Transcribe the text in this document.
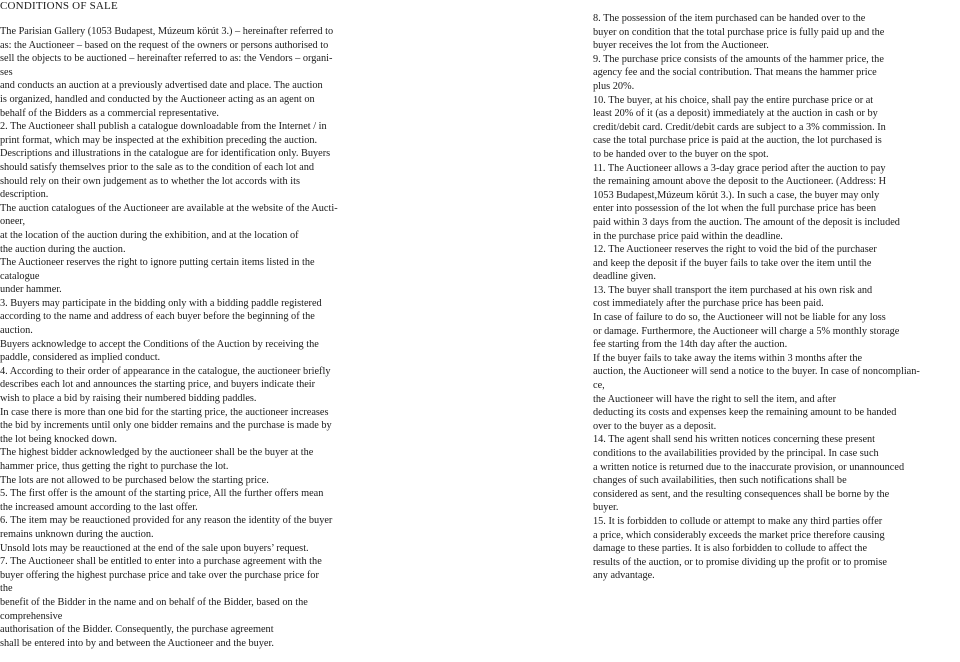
CONDITIONS OF SALE
The Parisian Gallery (1053 Budapest, Múzeum körút 3.) – hereinafter referred to
as: the Auctioneer – based on the request of the owners or persons authorised to
sell the objects to be auctioned – hereinafter referred to as: the Vendors – organi-
ses
and conducts an auction at a previously advertised date and place. The auction
is organized, handled and conducted by the Auctioneer acting as an agent on
behalf of the Bidders as a commercial representative.
2. The Auctioneer shall publish a catalogue downloadable from the Internet / in
print format, which may be inspected at the exhibition preceding the auction.
Descriptions and illustrations in the catalogue are for identification only. Buyers
should satisfy themselves prior to the sale as to the condition of each lot and
should rely on their own judgement as to whether the lot accords with its
description.
The auction catalogues of the Auctioneer are available at the website of the Aucti-
oneer,
at the location of the auction during the exhibition, and at the location of
the auction during the auction.
The Auctioneer reserves the right to ignore putting certain items listed in the
catalogue
under hammer.
3. Buyers may participate in the bidding only with a bidding paddle registered
according to the name and address of each buyer before the beginning of the
auction.
Buyers acknowledge to accept the Conditions of the Auction by receiving the
paddle, considered as implied conduct.
4. According to their order of appearance in the catalogue, the auctioneer briefly
describes each lot and announces the starting price, and buyers indicate their
wish to place a bid by raising their numbered bidding paddles.
In case there is more than one bid for the starting price, the auctioneer increases
the bid by increments until only one bidder remains and the purchase is made by
the lot being knocked down.
The highest bidder acknowledged by the auctioneer shall be the buyer at the
hammer price, thus getting the right to purchase the lot.
The lots are not allowed to be purchased below the starting price.
5. The first offer is the amount of the starting price, All the further offers mean
the increased amount according to the last offer.
6. The item may be reauctioned provided for any reason the identity of the buyer
remains unknown during the auction.
Unsold lots may be reauctioned at the end of the sale upon buyers’ request.
7. The Auctioneer shall be entitled to enter into a purchase agreement with the
buyer offering the highest purchase price and take over the purchase price for
the
benefit of the Bidder in the name and on behalf of the Bidder, based on the
comprehensive
authorisation of the Bidder. Consequently, the purchase agreement
shall be entered into by and between the Auctioneer and the buyer.
8. The possession of the item purchased can be handed over to the
buyer on condition that the total purchase price is fully paid up and the
buyer receives the lot from the Auctioneer.
9. The purchase price consists of the amounts of the hammer price, the
agency fee and the social contribution. That means the hammer price
plus 20%.
10. The buyer, at his choice, shall pay the entire purchase price or at
least 20% of it (as a deposit) immediately at the auction in cash or by
credit/debit card. Credit/debit cards are subject to a 3% commission. In
case the total purchase price is paid at the auction, the lot purchased is
to be handed over to the buyer on the spot.
11. The Auctioneer allows a 3-day grace period after the auction to pay
the remaining amount above the deposit to the Auctioneer. (Address: H
1053 Budapest,Múzeum körút 3.). In such a case, the buyer may only
enter into possession of the lot when the full purchase price has been
paid within 3 days from the auction. The amount of the deposit is included
in the purchase price paid within the deadline.
12. The Auctioneer reserves the right to void the bid of the purchaser
and keep the deposit if the buyer fails to take over the item until the
deadline given.
13. The buyer shall transport the item purchased at his own risk and
cost immediately after the purchase price has been paid.
In case of failure to do so, the Auctioneer will not be liable for any loss
or damage. Furthermore, the Auctioneer will charge a 5% monthly storage
fee starting from the 14th day after the auction.
If the buyer fails to take away the items within 3 months after the
auction, the Auctioneer will send a notice to the buyer. In case of noncomplian-
ce,
the Auctioneer will have the right to sell the item, and after
deducting its costs and expenses keep the remaining amount to be handed
over to the buyer as a deposit.
14. The agent shall send his written notices concerning these present
conditions to the availabilities provided by the principal. In case such
a written notice is returned due to the inaccurate provision, or unannounced
changes of such availabilities, then such notifications shall be
considered as sent, and the resulting consequences shall be borne by the
buyer.
15. It is forbidden to collude or attempt to make any third parties offer
a price, which considerably exceeds the market price therefore causing
damage to these parties. It is also forbidden to collude to affect the
results of the auction, or to promise dividing up the profit or to promise
any advantage.
